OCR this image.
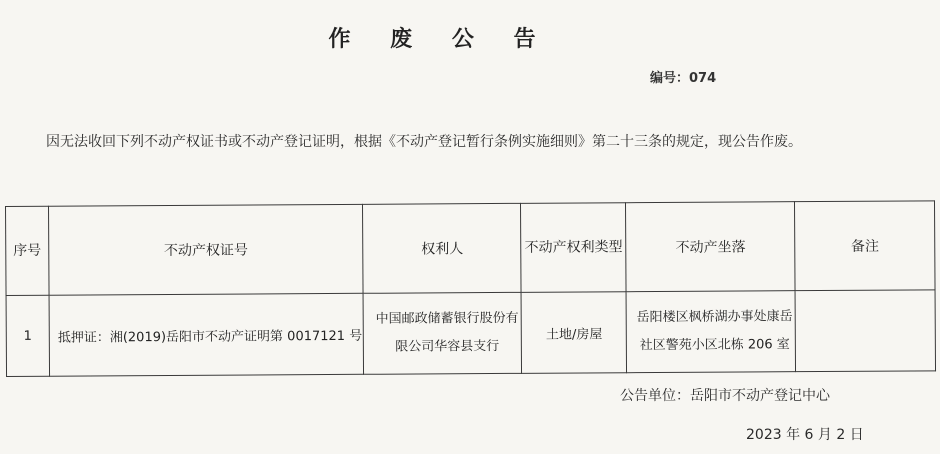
作 废 公 告
编号：074
因无法收回下列不动产权证书或不动产登记证明，根据《不动产登记暂行条例实施细则》第二十三条的规定，现公告作废。
序号	不动产权证号	权利人	不动产权利类型	不动产坐落	备注
1	抵押证：湘(2019)岳阳市不动产证明第 0017121 号	中国邮政储蓄银行股份有限公司华容县支行	土地/房屋	岳阳楼区枫桥湖办事处康岳社区警苑小区北栋 206 室	
公告单位：岳阳市不动产登记中心
2023 年 6 月 2 日
